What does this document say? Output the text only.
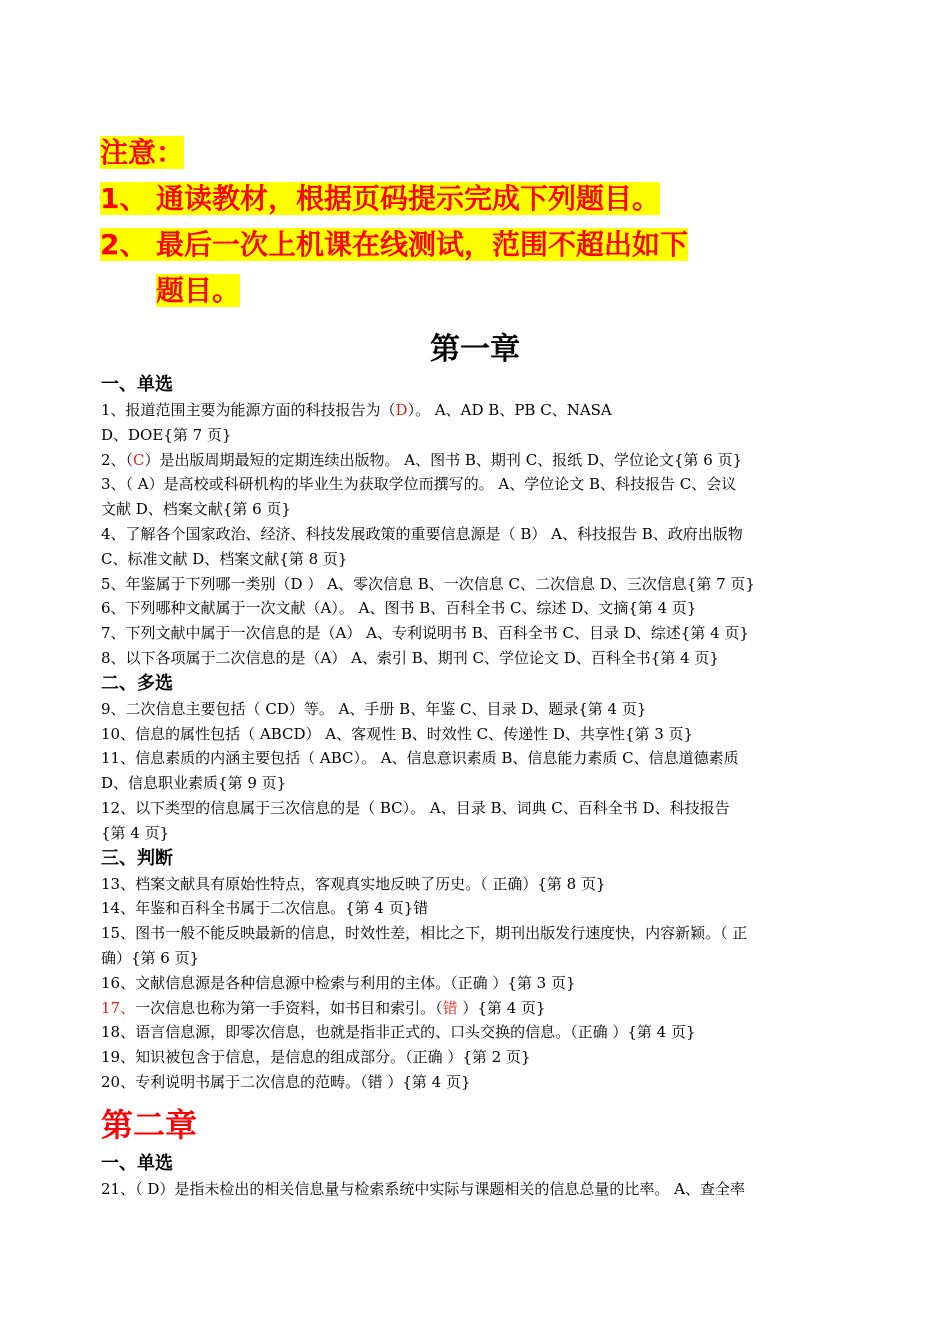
注意：
1、 通读教材，根据页码提示完成下列题目。
2、 最后一次上机课在线测试，范围不超出如下
题目。
第一章
一、单选
1、报道范围主要为能源方面的科技报告为（D）。 A、AD B、PB C、NASA
D、DOE{第 7 页}
2、（C）是出版周期最短的定期连续出版物。 A、图书 B、期刊 C、报纸 D、学位论文{第 6 页}
3、（ A）是高校或科研机构的毕业生为获取学位而撰写的。 A、学位论文 B、科技报告 C、会议
文献 D、档案文献{第 6 页}
4、了解各个国家政治、经济、科技发展政策的重要信息源是（ B） A、科技报告 B、政府出版物
C、标准文献 D、档案文献{第 8 页}
5、年鉴属于下列哪一类别（D ） A、零次信息 B、一次信息 C、二次信息 D、三次信息{第 7 页}
6、下列哪种文献属于一次文献（A）。 A、图书 B、百科全书 C、综述 D、文摘{第 4 页}
7、下列文献中属于一次信息的是（A） A、专利说明书 B、百科全书 C、目录 D、综述{第 4 页}
8、以下各项属于二次信息的是（A） A、索引 B、期刊 C、学位论文 D、百科全书{第 4 页}
二、多选
9、二次信息主要包括（ CD）等。 A、手册 B、年鉴 C、目录 D、题录{第 4 页}
10、信息的属性包括（ ABCD） A、客观性 B、时效性 C、传递性 D、共享性{第 3 页}
11、信息素质的内涵主要包括（ ABC）。 A、信息意识素质 B、信息能力素质 C、信息道德素质
D、信息职业素质{第 9 页}
12、以下类型的信息属于三次信息的是（ BC）。 A、目录 B、词典 C、百科全书 D、科技报告
{第 4 页}
三、判断
13、档案文献具有原始性特点，客观真实地反映了历史。（ 正确）{第 8 页}
14、年鉴和百科全书属于二次信息。{第 4 页}错
15、图书一般不能反映最新的信息，时效性差，相比之下，期刊出版发行速度快，内容新颖。（ 正
确）{第 6 页}
16、文献信息源是各种信息源中检索与利用的主体。（正确 ）{第 3 页}
17、一次信息也称为第一手资料，如书目和索引。（错 ）{第 4 页}
18、语言信息源，即零次信息，也就是指非正式的、口头交换的信息。（正确 ）{第 4 页}
19、知识被包含于信息，是信息的组成部分。（正确 ）{第 2 页}
20、专利说明书属于二次信息的范畴。（错 ）{第 4 页}
第二章
一、单选
21、（ D）是指未检出的相关信息量与检索系统中实际与课题相关的信息总量的比率。 A、查全率
